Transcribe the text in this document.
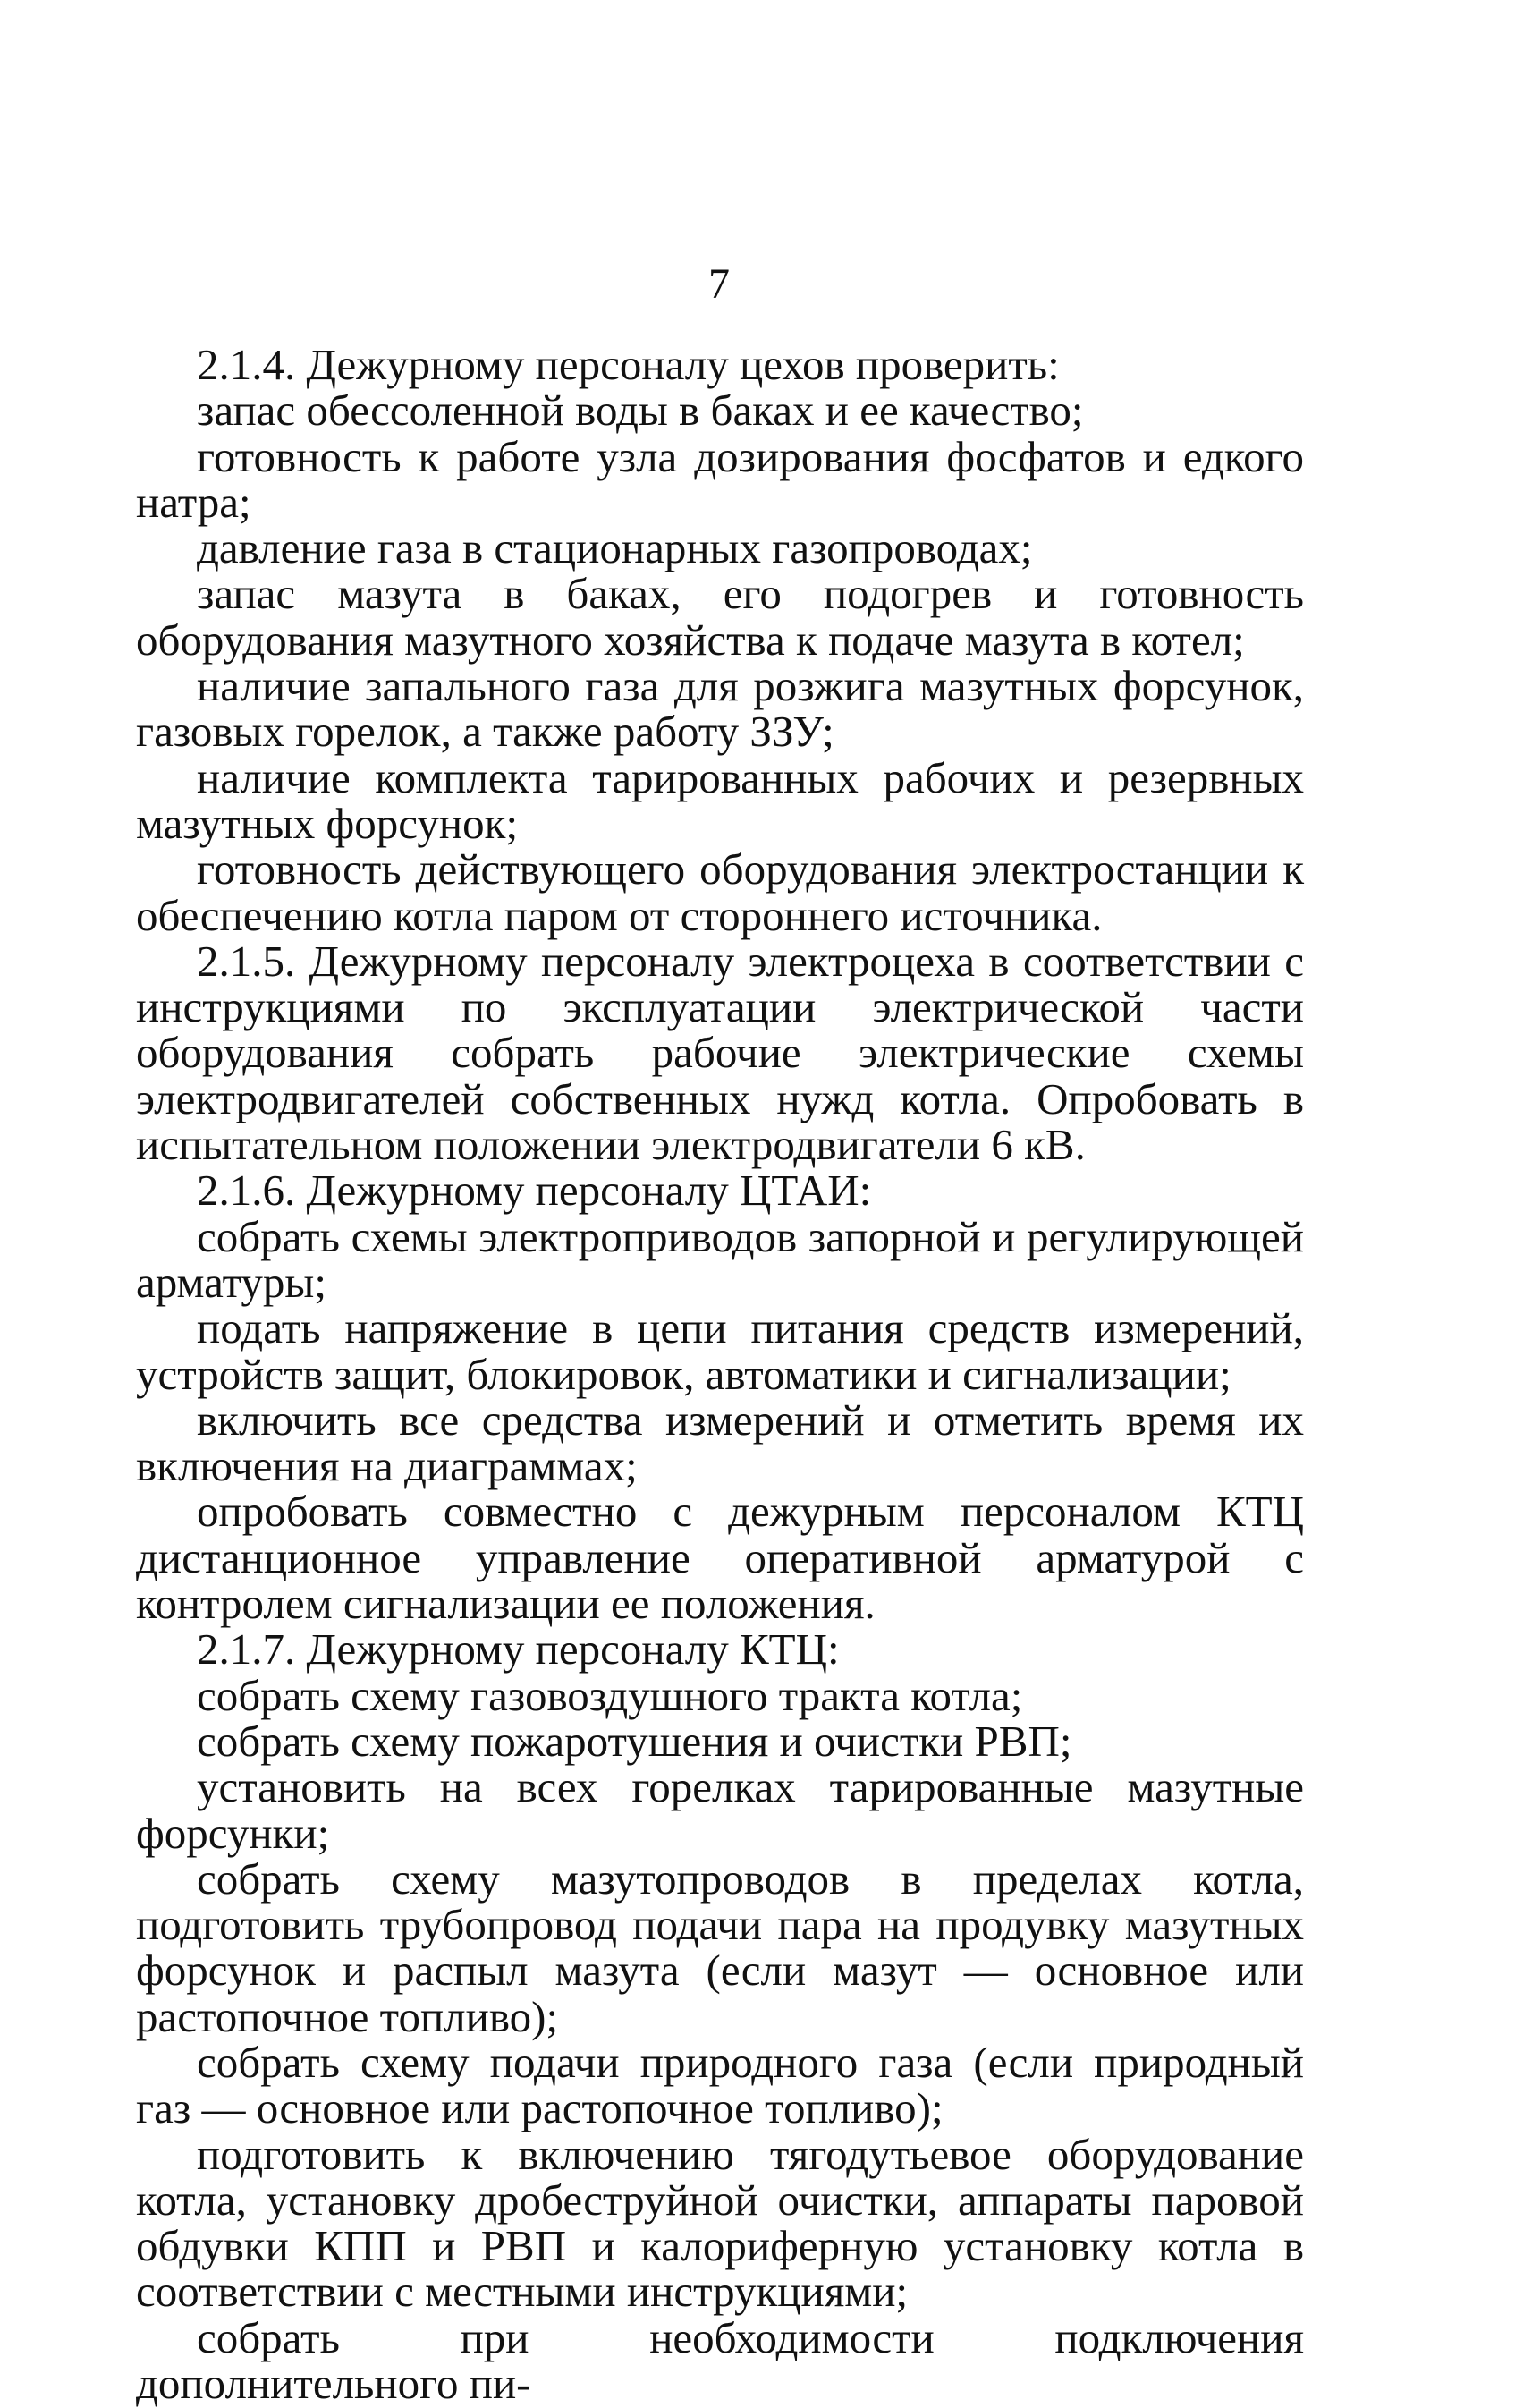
7

2.1.4. Дежурному персоналу цехов проверить:

запас обессоленной воды в баках и ее качество;

готовность к работе узла дозирования фосфатов и едкого натра;

давление газа в стационарных газопроводах;

запас мазута в баках, его подогрев и готовность оборудования мазутного хозяйства к подаче мазута в котел;

наличие запального газа для розжига мазутных форсунок, газовых горелок, а также работу ЗЗУ;

наличие комплекта тарированных рабочих и резервных мазутных форсунок;

готовность действующего оборудования электростанции к обеспечению котла паром от стороннего источника.

2.1.5. Дежурному персоналу электроцеха в соответствии с инструкциями по эксплуатации электрической части оборудования собрать рабочие электрические схемы электродвигателей собственных нужд котла. Опробовать в испытательном положении электродвигатели 6 кВ.

2.1.6. Дежурному персоналу ЦТАИ:

собрать схемы электроприводов запорной и регулирующей арматуры;

подать напряжение в цепи питания средств измерений, устройств защит, блокировок, автоматики и сигнализации;

включить все средства измерений и отметить время их включения на диаграммах;

опробовать совместно с дежурным персоналом КТЦ дистанционное управление оперативной арматурой с контролем сигнализации ее положения.

2.1.7. Дежурному персоналу КТЦ:

собрать схему газовоздушного тракта котла;

собрать схему пожаротушения и очистки РВП;

установить на всех горелках тарированные мазутные форсунки;

собрать схему мазутопроводов в пределах котла, подготовить трубопровод подачи пара на продувку мазутных форсунок и распыл мазута (если мазут — основное или растопочное топливо);

собрать схему подачи природного газа (если природный газ — основное или растопочное топливо);

подготовить к включению тягодутьевое оборудование котла, установку дробеструйной очистки, аппараты паровой обдувки КПП и РВП и калориферную установку котла в соответствии с местными инструкциями;

собрать при необходимости подключения дополнительного пи-
